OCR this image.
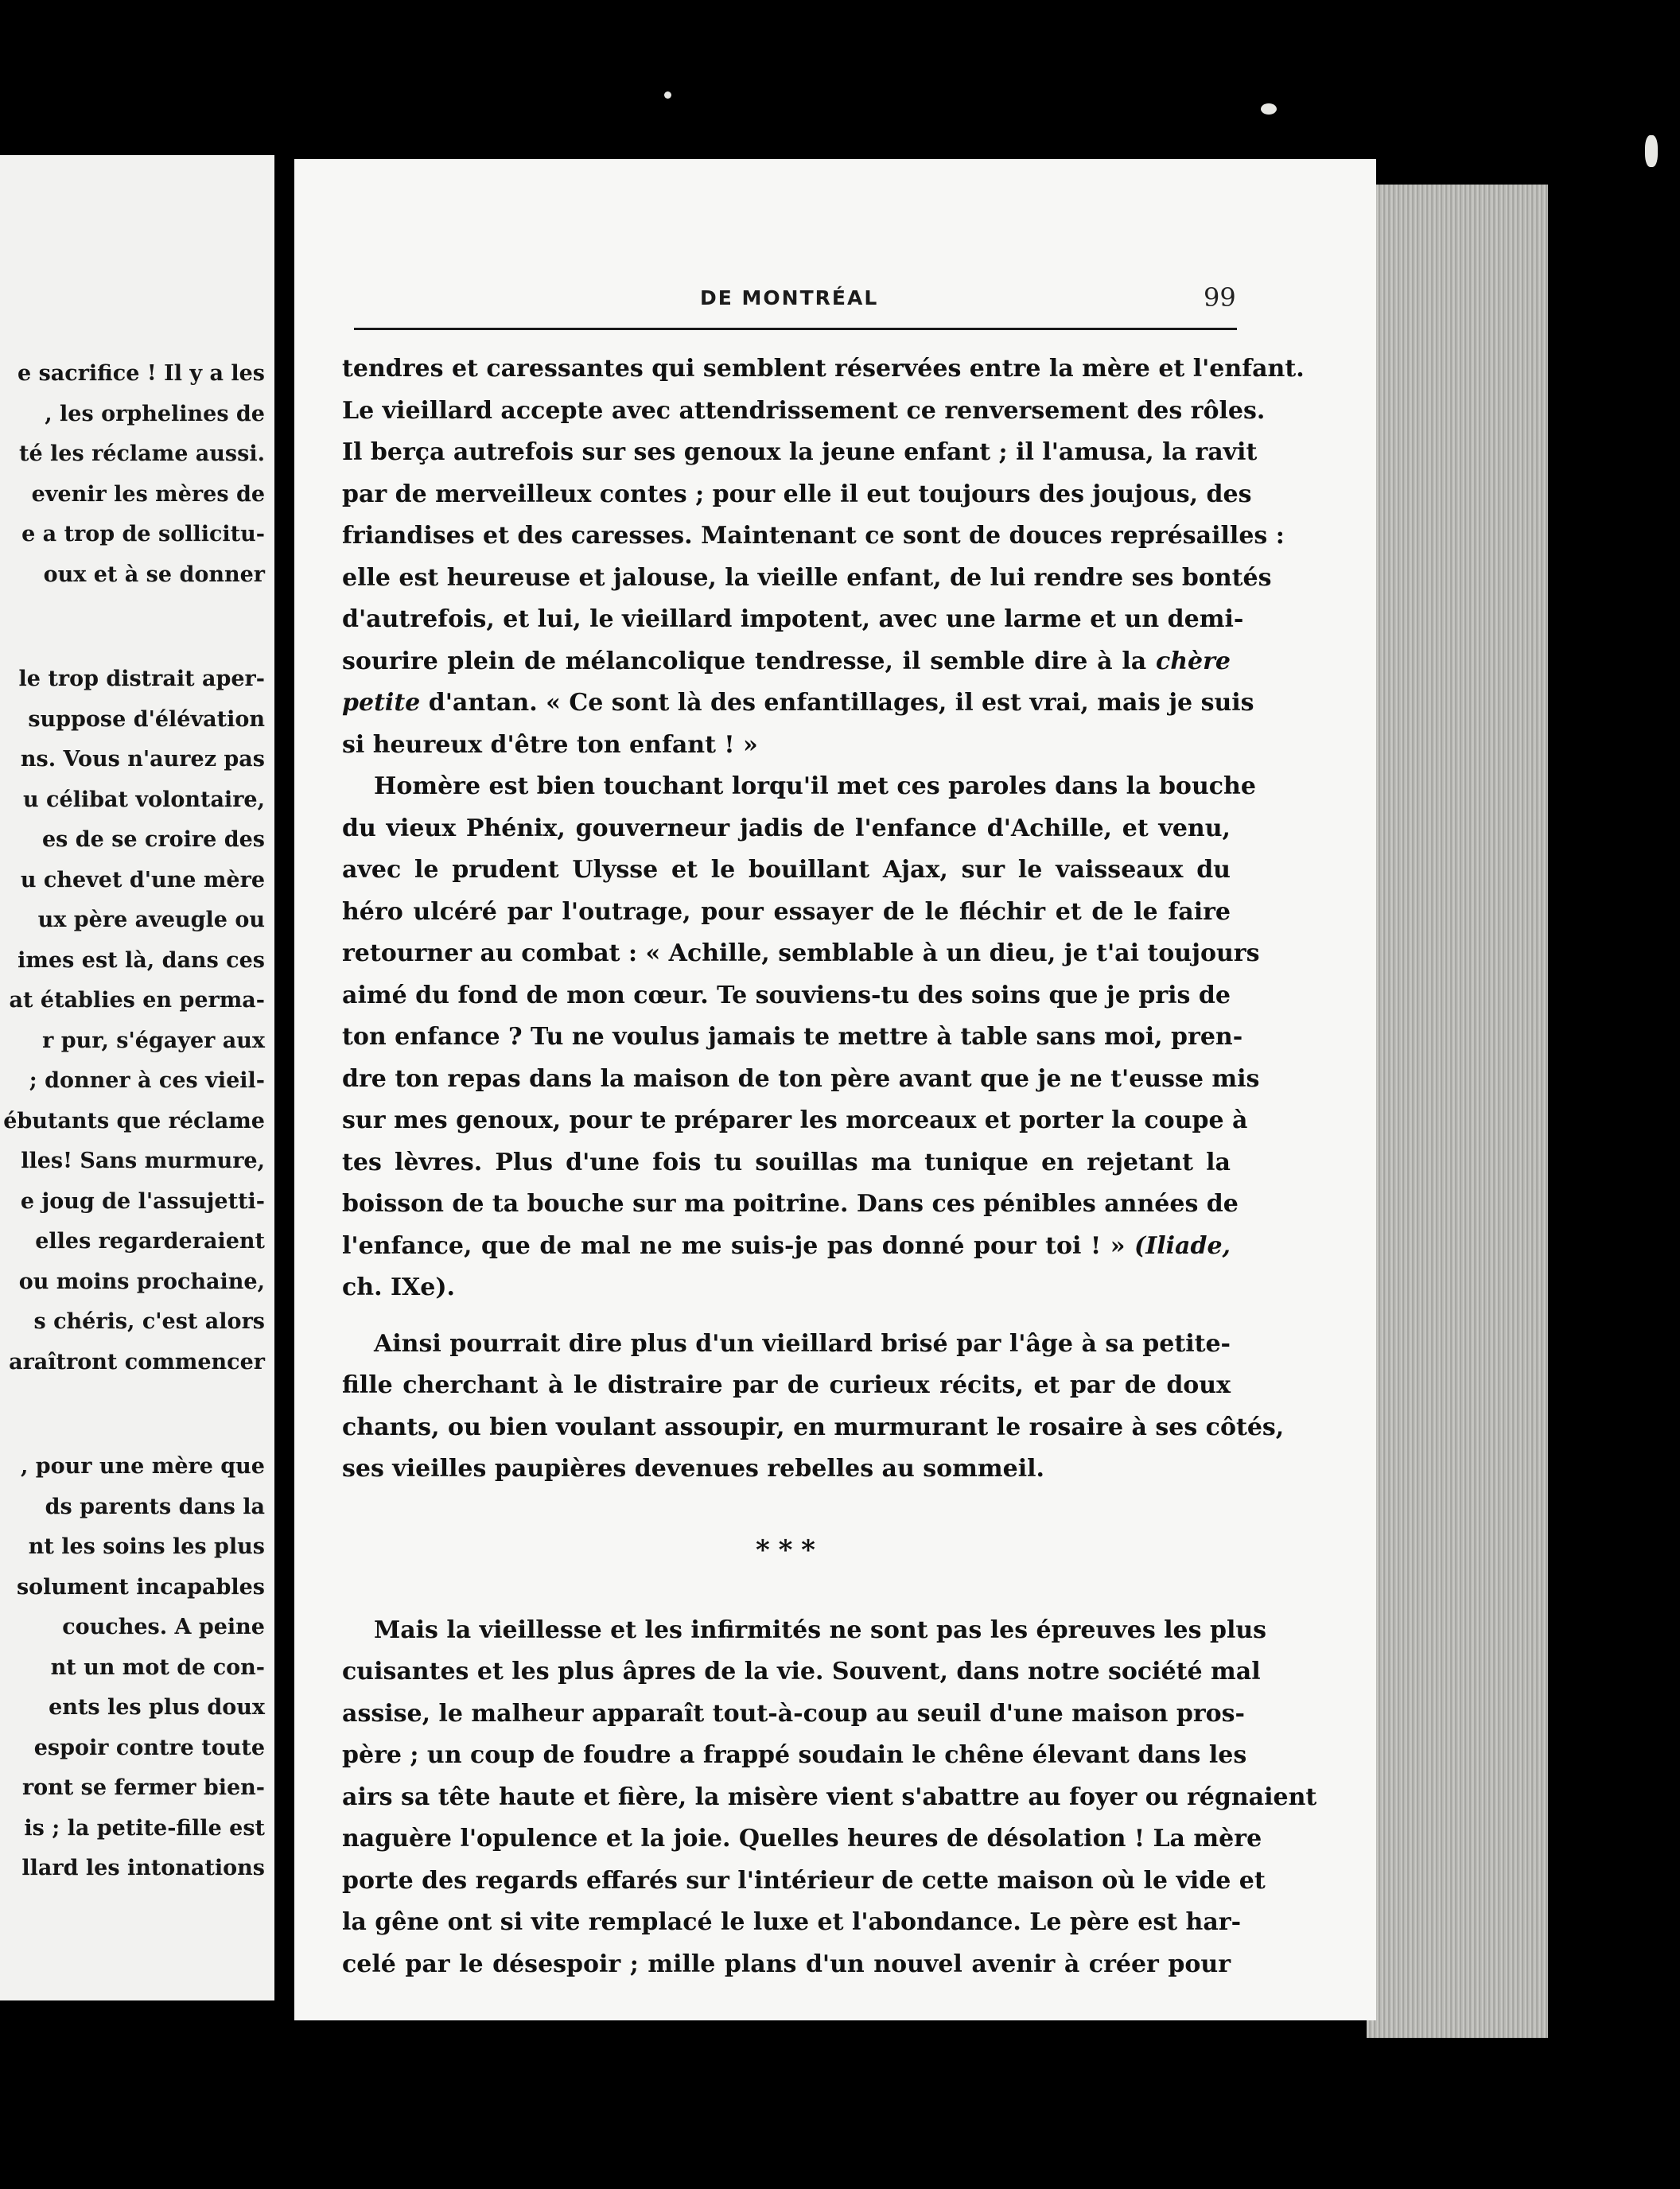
e sacrifice ! Il y a les
, les orphelines de
té les réclame aussi.
evenir les mères de
e a trop de sollicitu-
oux et à se donner
le trop distrait aper-
suppose d'élévation
ns. Vous n'aurez pas
u célibat volontaire,
es de se croire des
u chevet d'une mère
ux père aveugle ou
imes est là, dans ces
at établies en perma-
r pur, s'égayer aux
; donner à ces vieil-
ébutants que réclame
lles! Sans murmure,
e joug de l'assujetti-
elles regarderaient
ou moins prochaine,
s chéris, c'est alors
araîtront commencer
, pour une mère que
ds parents dans la
nt les soins les plus
solument incapables
couches. A peine
nt un mot de con-
ents les plus doux
espoir contre toute
ront se fermer bien-
is ; la petite-fille est
llard les intonations
DE MONTRÉAL	99
tendres et caressantes qui semblent réservées entre la mère et l'enfant.
Le vieillard accepte avec attendrissement ce renversement des rôles.
Il berça autrefois sur ses genoux la jeune enfant ; il l'amusa, la ravit
par de merveilleux contes ; pour elle il eut toujours des joujous, des
friandises et des caresses. Maintenant ce sont de douces représailles :
elle est heureuse et jalouse, la vieille enfant, de lui rendre ses bontés
d'autrefois, et lui, le vieillard impotent, avec une larme et un demi-
sourire plein de mélancolique tendresse, il semble dire à la chère
petite d'antan. « Ce sont là des enfantillages, il est vrai, mais je suis
si heureux d'être ton enfant ! »
Homère est bien touchant lorqu'il met ces paroles dans la bouche
du vieux Phénix, gouverneur jadis de l'enfance d'Achille, et venu,
avec le prudent Ulysse et le bouillant Ajax, sur le vaisseaux du
héro ulcéré par l'outrage, pour essayer de le fléchir et de le faire
retourner au combat : « Achille, semblable à un dieu, je t'ai toujours
aimé du fond de mon cœur. Te souviens-tu des soins que je pris de
ton enfance ? Tu ne voulus jamais te mettre à table sans moi, pren-
dre ton repas dans la maison de ton père avant que je ne t'eusse mis
sur mes genoux, pour te préparer les morceaux et porter la coupe à
tes lèvres. Plus d'une fois tu souillas ma tunique en rejetant la
boisson de ta bouche sur ma poitrine. Dans ces pénibles années de
l'enfance, que de mal ne me suis-je pas donné pour toi ! » (Iliade,
ch. IXe).
Ainsi pourrait dire plus d'un vieillard brisé par l'âge à sa petite-
fille cherchant à le distraire par de curieux récits, et par de doux
chants, ou bien voulant assoupir, en murmurant le rosaire à ses côtés,
ses vieilles paupières devenues rebelles au sommeil.
* * *
Mais la vieillesse et les infirmités ne sont pas les épreuves les plus
cuisantes et les plus âpres de la vie. Souvent, dans notre société mal
assise, le malheur apparaît tout-à-coup au seuil d'une maison pros-
père ; un coup de foudre a frappé soudain le chêne élevant dans les
airs sa tête haute et fière, la misère vient s'abattre au foyer ou régnaient
naguère l'opulence et la joie. Quelles heures de désolation ! La mère
porte des regards effarés sur l'intérieur de cette maison où le vide et
la gêne ont si vite remplacé le luxe et l'abondance. Le père est har-
celé par le désespoir ; mille plans d'un nouvel avenir à créer pour
